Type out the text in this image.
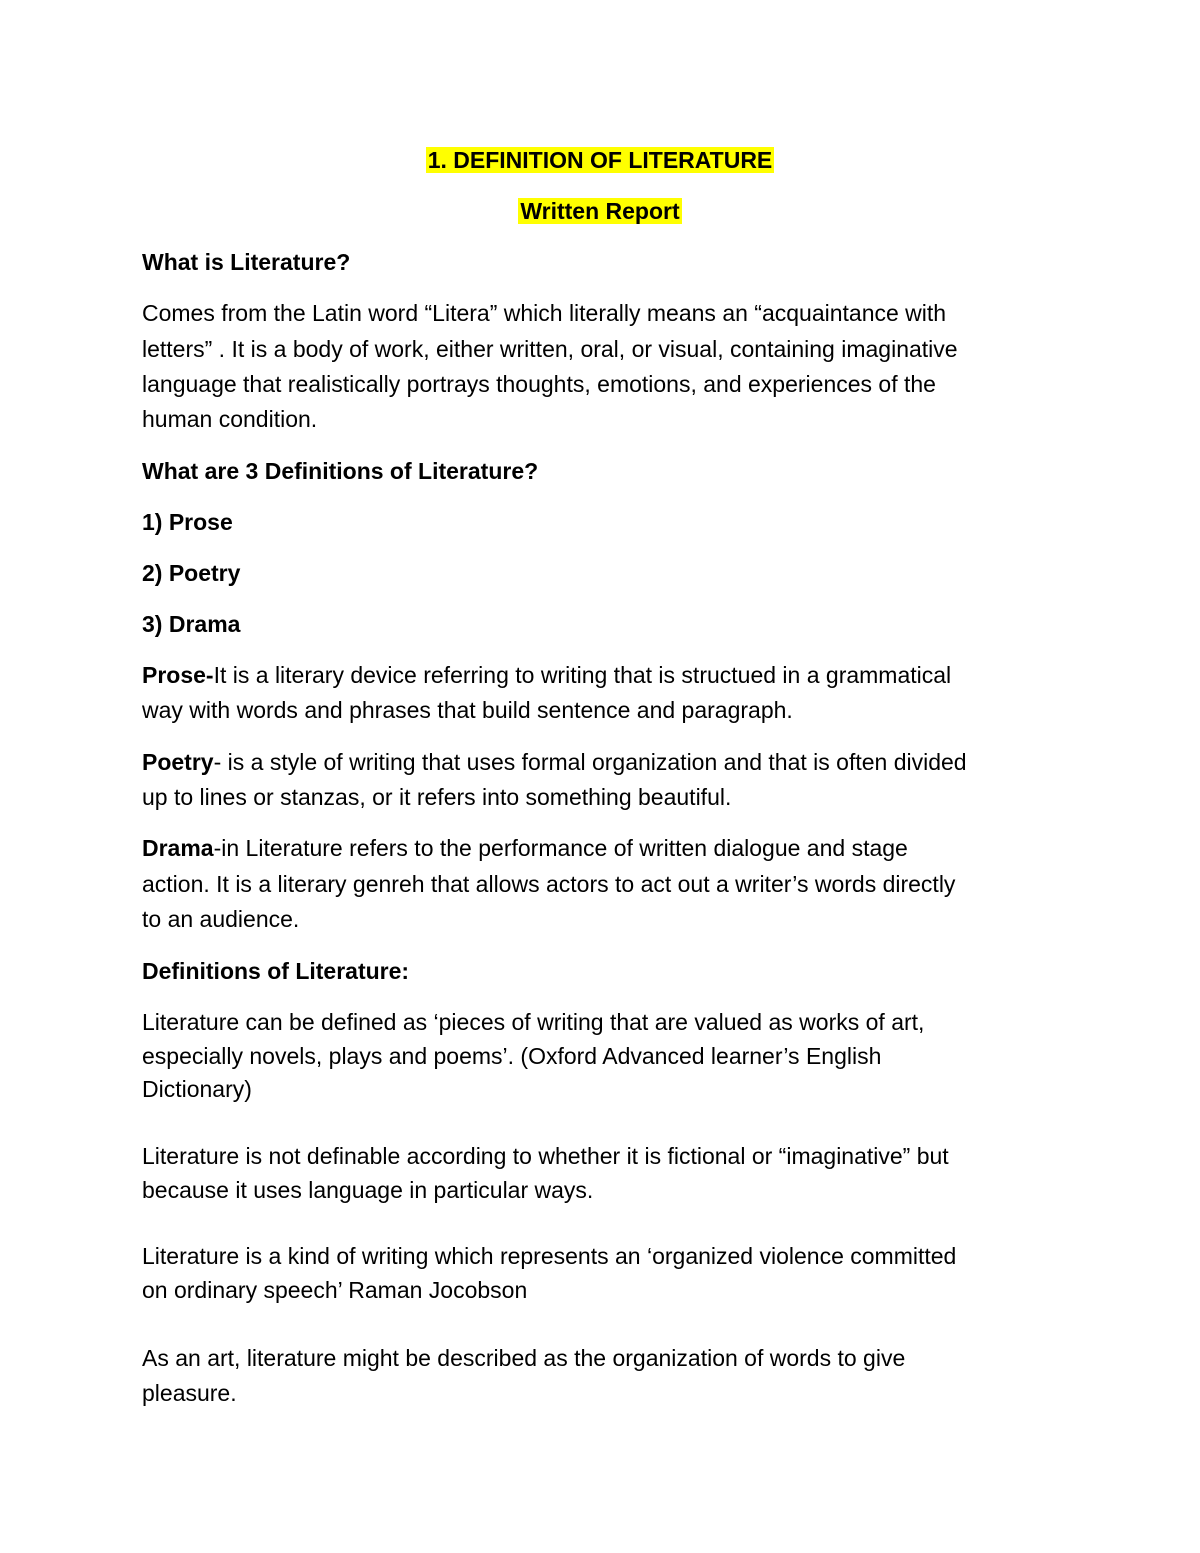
1. DEFINITION OF LITERATURE
Written Report
What is Literature?
Comes from the Latin word “Litera” which literally means an “acquaintance with
letters” . It is a body of work, either written, oral, or visual, containing imaginative
language that realistically portrays thoughts, emotions, and experiences of the
human condition.
What are 3 Definitions of Literature?
1) Prose
2) Poetry
3) Drama
Prose-It is a literary device referring to writing that is structued in a grammatical
way with words and phrases that build sentence and paragraph.
Poetry- is a style of writing that uses formal organization and that is often divided
up to lines or stanzas, or it refers into something beautiful.
Drama-in Literature refers to the performance of written dialogue and stage
action. It is a literary genreh that allows actors to act out a writer’s words directly
to an audience.
Definitions of Literature:
Literature can be defined as ‘pieces of writing that are valued as works of art,
especially novels, plays and poems’. (Oxford Advanced learner’s English
Dictionary)
Literature is not definable according to whether it is fictional or “imaginative” but
because it uses language in particular ways.
Literature is a kind of writing which represents an ‘organized violence committed
on ordinary speech’ Raman Jocobson
As an art, literature might be described as the organization of words to give
pleasure.
